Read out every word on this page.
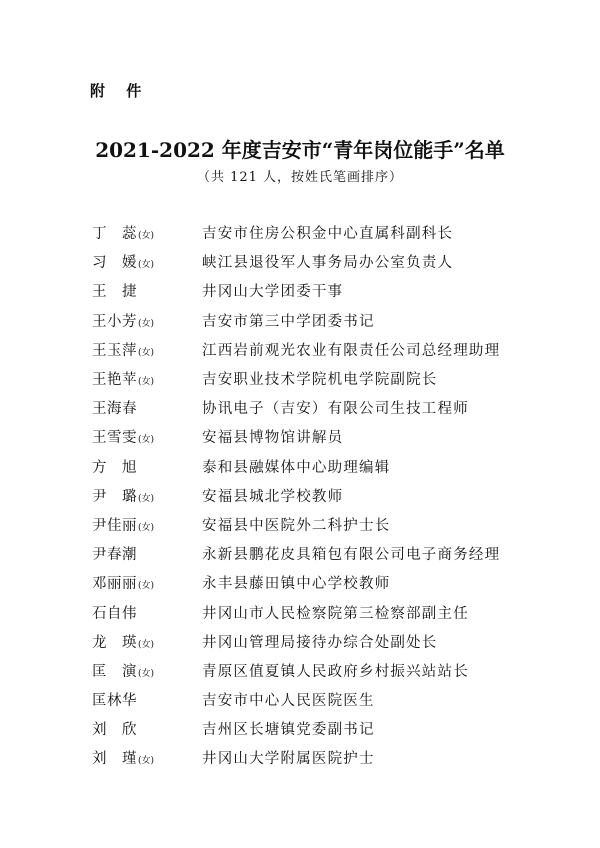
附 件
2021-2022 年度吉安市“青年岗位能手”名单
（共 121 人，按姓氏笔画排序）
丁　蕊 (女)	吉安市住房公积金中心直属科副科长
习　媛 (女)	峡江县退役军人事务局办公室负责人
王　捷	井冈山大学团委干事
王小芳 (女)	吉安市第三中学团委书记
王玉萍 (女)	江西岩前观光农业有限责任公司总经理助理
王艳苹 (女)	吉安职业技术学院机电学院副院长
王海春	协讯电子（吉安）有限公司生技工程师
王雪雯 (女)	安福县博物馆讲解员
方　旭	泰和县融媒体中心助理编辑
尹　璐 (女)	安福县城北学校教师
尹佳丽 (女)	安福县中医院外二科护士长
尹春潮	永新县鹏花皮具箱包有限公司电子商务经理
邓丽丽 (女)	永丰县藤田镇中心学校教师
石自伟	井冈山市人民检察院第三检察部副主任
龙　瑛 (女)	井冈山管理局接待办综合处副处长
匡　演 (女)	青原区值夏镇人民政府乡村振兴站站长
匡林华	吉安市中心人民医院医生
刘　欣	吉州区长塘镇党委副书记
刘　瑾 (女)	井冈山大学附属医院护士
